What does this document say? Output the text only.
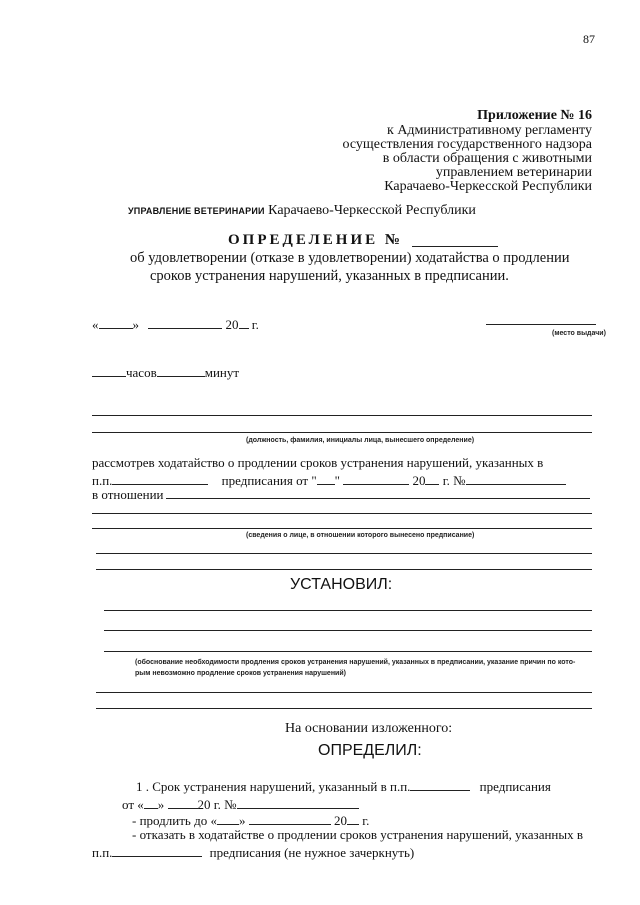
87
Приложение № 16
к Административному регламенту
осуществления государственного надзора
в области обращения с животными
управлением ветеринарии
Карачаево-Черкесской Республики
УПРАВЛЕНИЕ ВЕТЕРИНАРИИ Карачаево-Черкесской Республики
ОПРЕДЕЛЕНИЕ №
об удовлетворении (отказе в удовлетворении) ходатайства о продлении
сроков устранения нарушений, указанных в предписании.
«	»	20 г.
(место выдачи)
часов	минут
(должность, фамилия, инициалы лица, вынесшего определение)
рассмотрев ходатайство о продлении сроков устранения нарушений, указанных в
п.п.	предписания от " "	20 г. №
в отношении
(сведения о лице, в отношении которого вынесено предписание)
УСТАНОВИЛ:
(обоснование необходимости продления сроков устранения нарушений, указанных в предписании, указание причин по кото-
рым невозможно продление сроков устранения нарушений)
На основании изложенного:
ОПРЕДЕЛИЛ:
1 . Срок устранения нарушений, указанный в п.п.	предписания
от « »	20 г. №
- продлить до « »	20 г.
- отказать в ходатайстве о продлении сроков устранения нарушений, указанных в
п.п.	предписания (не нужное зачеркнуть)
